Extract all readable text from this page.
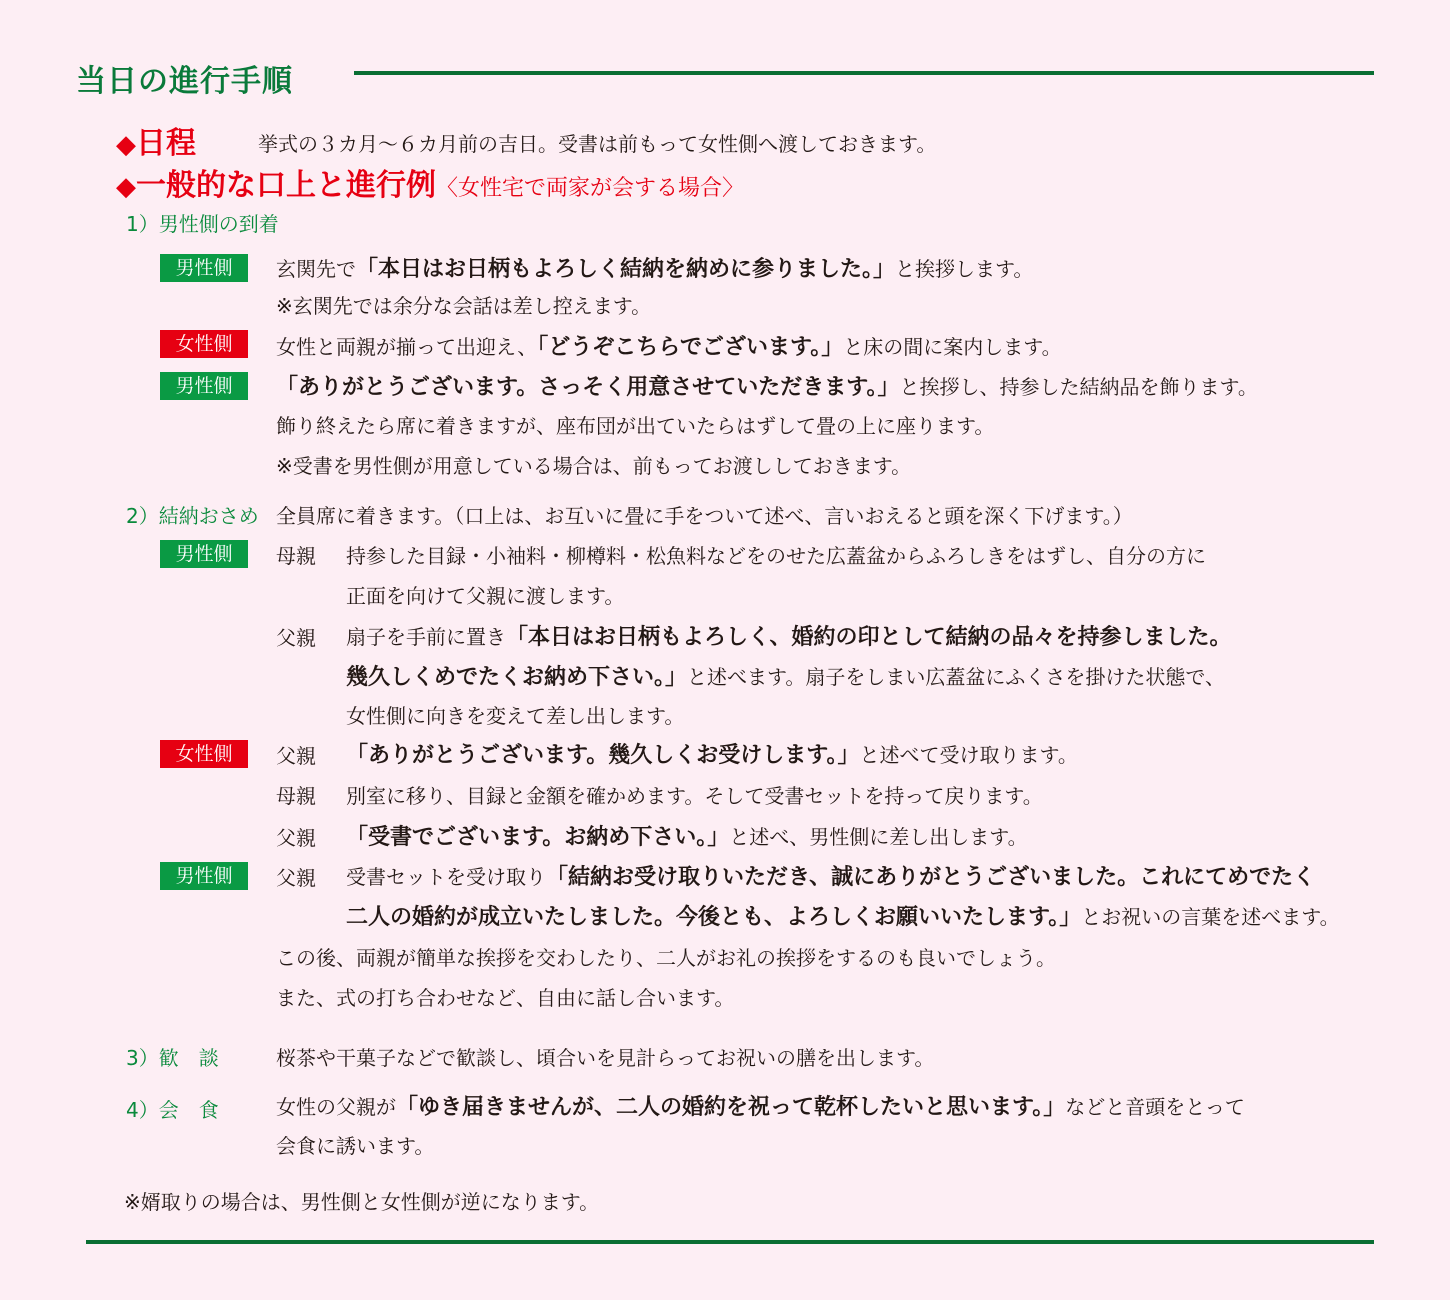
当日の進行手順
◆日程	挙式の３カ月～６カ月前の吉日。受書は前もって女性側へ渡しておきます。
◆一般的な口上と進行例〈女性宅で両家が会する場合〉
1）男性側の到着
男性側	玄関先で「本日はお日柄もよろしく結納を納めに参りました。」と挨拶します。
※玄関先では余分な会話は差し控えます。
女性側	女性と両親が揃って出迎え、「どうぞこちらでございます。」と床の間に案内します。
男性側	「ありがとうございます。さっそく用意させていただきます。」と挨拶し、持参した結納品を飾ります。
飾り終えたら席に着きますが、座布団が出ていたらはずして畳の上に座ります。
※受書を男性側が用意している場合は、前もってお渡ししておきます。
2）結納おさめ 全員席に着きます。（口上は、お互いに畳に手をついて述べ、言いおえると頭を深く下げます。）
男性側	母親 持参した目録・小袖料・柳樽料・松魚料などをのせた広蓋盆からふろしきをはずし、自分の方に
正面を向けて父親に渡します。
父親 扇子を手前に置き「本日はお日柄もよろしく、婚約の印として結納の品々を持参しました。
幾久しくめでたくお納め下さい。」と述べます。扇子をしまい広蓋盆にふくさを掛けた状態で、
女性側に向きを変えて差し出します。
女性側	父親 「ありがとうございます。幾久しくお受けします。」と述べて受け取ります。
母親 別室に移り、目録と金額を確かめます。そして受書セットを持って戻ります。
父親 「受書でございます。お納め下さい。」と述べ、男性側に差し出します。
男性側	父親 受書セットを受け取り「結納お受け取りいただき、誠にありがとうございました。これにてめでたく
二人の婚約が成立いたしました。今後とも、よろしくお願いいたします。」とお祝いの言葉を述べます。
この後、両親が簡単な挨拶を交わしたり、二人がお礼の挨拶をするのも良いでしょう。
また、式の打ち合わせなど、自由に話し合います。
3）歓　談	桜茶や干菓子などで歓談し、頃合いを見計らってお祝いの膳を出します。
4）会　食	女性の父親が「ゆき届きませんが、二人の婚約を祝って乾杯したいと思います。」などと音頭をとって
会食に誘います。
※婿取りの場合は、男性側と女性側が逆になります。
